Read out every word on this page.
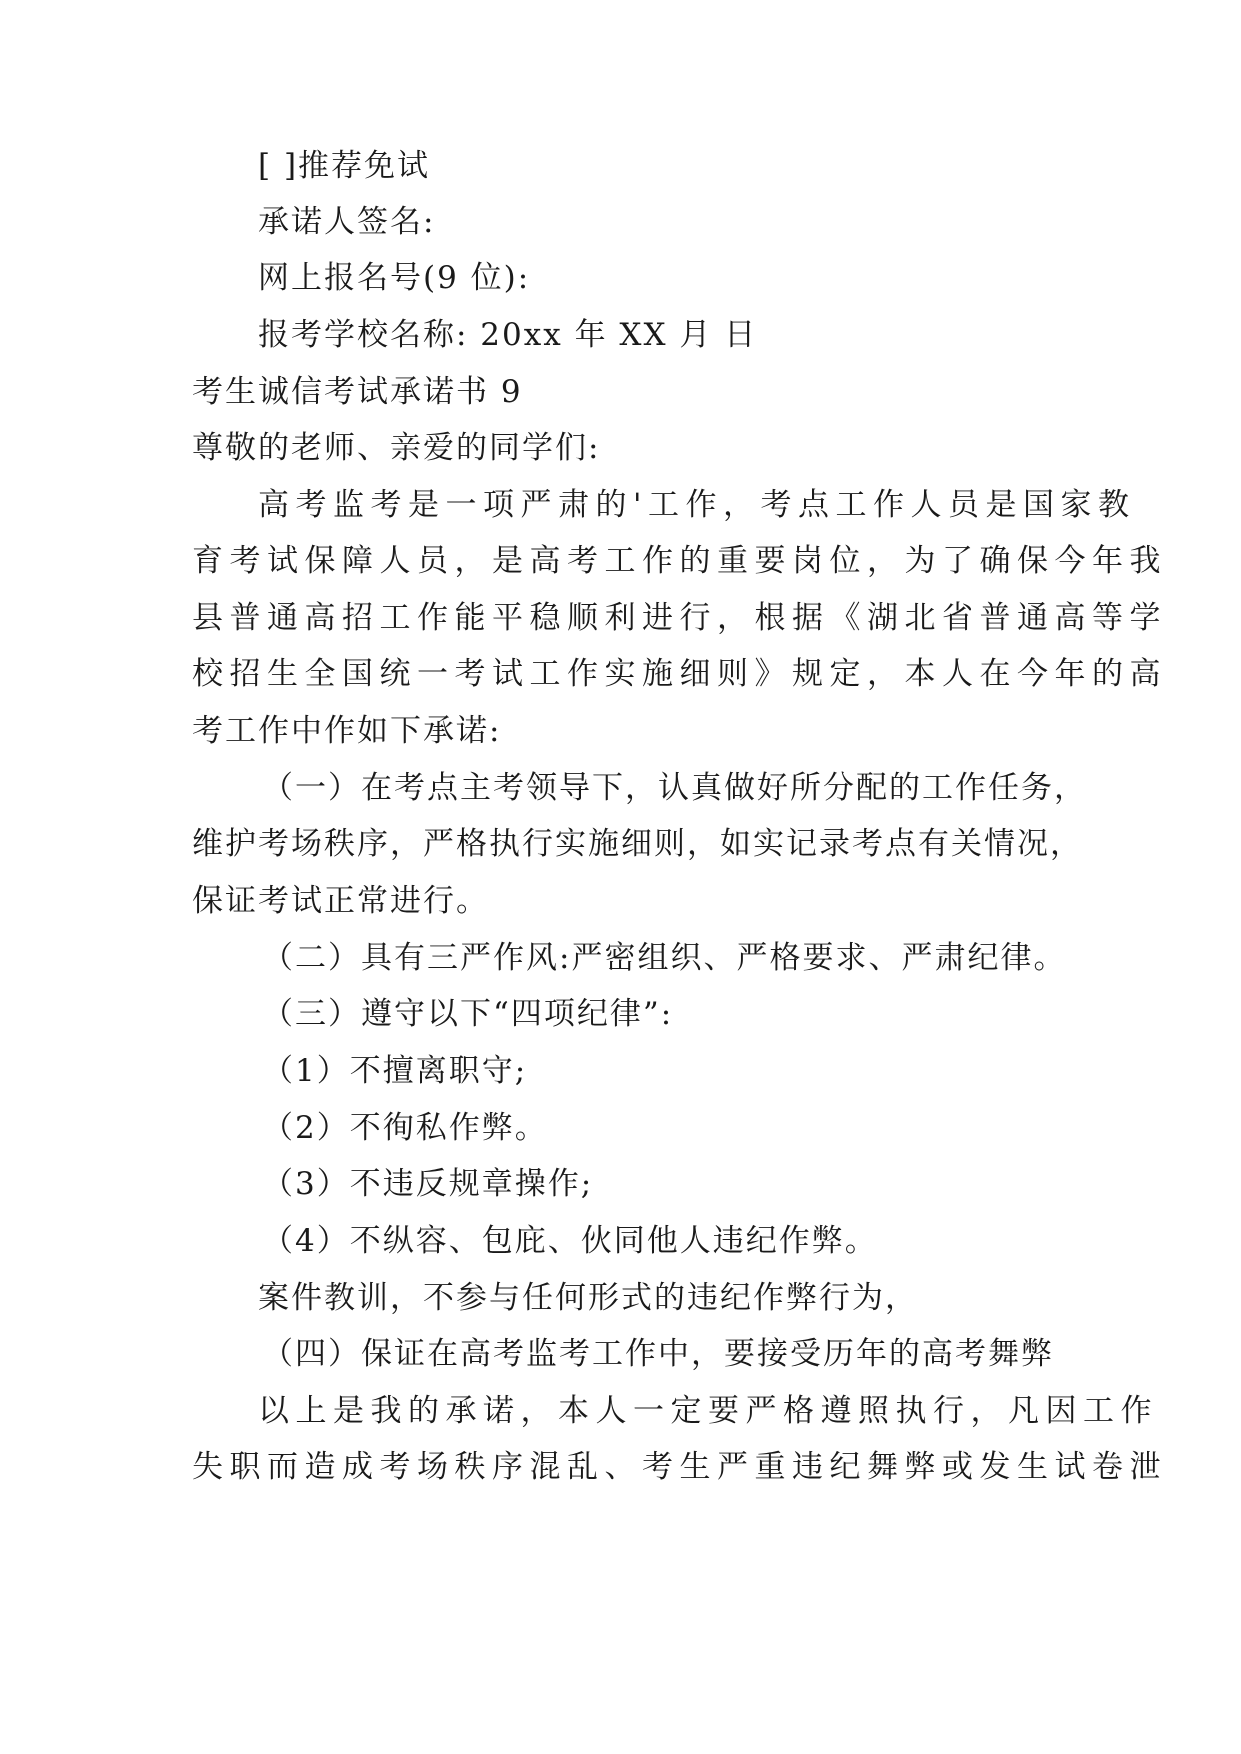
[ ]推荐免试
承诺人签名:
网上报名号(9 位):
报考学校名称: 20xx 年 XX 月 日
考生诚信考试承诺书 9
尊敬的老师、亲爱的同学们:
高考监考是一项严肃的'工作，考点工作人员是国家教
育考试保障人员，是高考工作的重要岗位，为了确保今年我
县普通高招工作能平稳顺利进行，根据《湖北省普通高等学
校招生全国统一考试工作实施细则》规定，本人在今年的高
考工作中作如下承诺:
（一）在考点主考领导下，认真做好所分配的工作任务，
维护考场秩序，严格执行实施细则，如实记录考点有关情况，
保证考试正常进行。
（二）具有三严作风:严密组织、严格要求、严肃纪律。
（三）遵守以下“四项纪律”:
（1）不擅离职守;
（2）不徇私作弊。
（3）不违反规章操作;
（4）不纵容、包庇、伙同他人违纪作弊。
案件教训，不参与任何形式的违纪作弊行为，
（四）保证在高考监考工作中，要接受历年的高考舞弊
以上是我的承诺，本人一定要严格遵照执行，凡因工作
失职而造成考场秩序混乱、考生严重违纪舞弊或发生试卷泄
